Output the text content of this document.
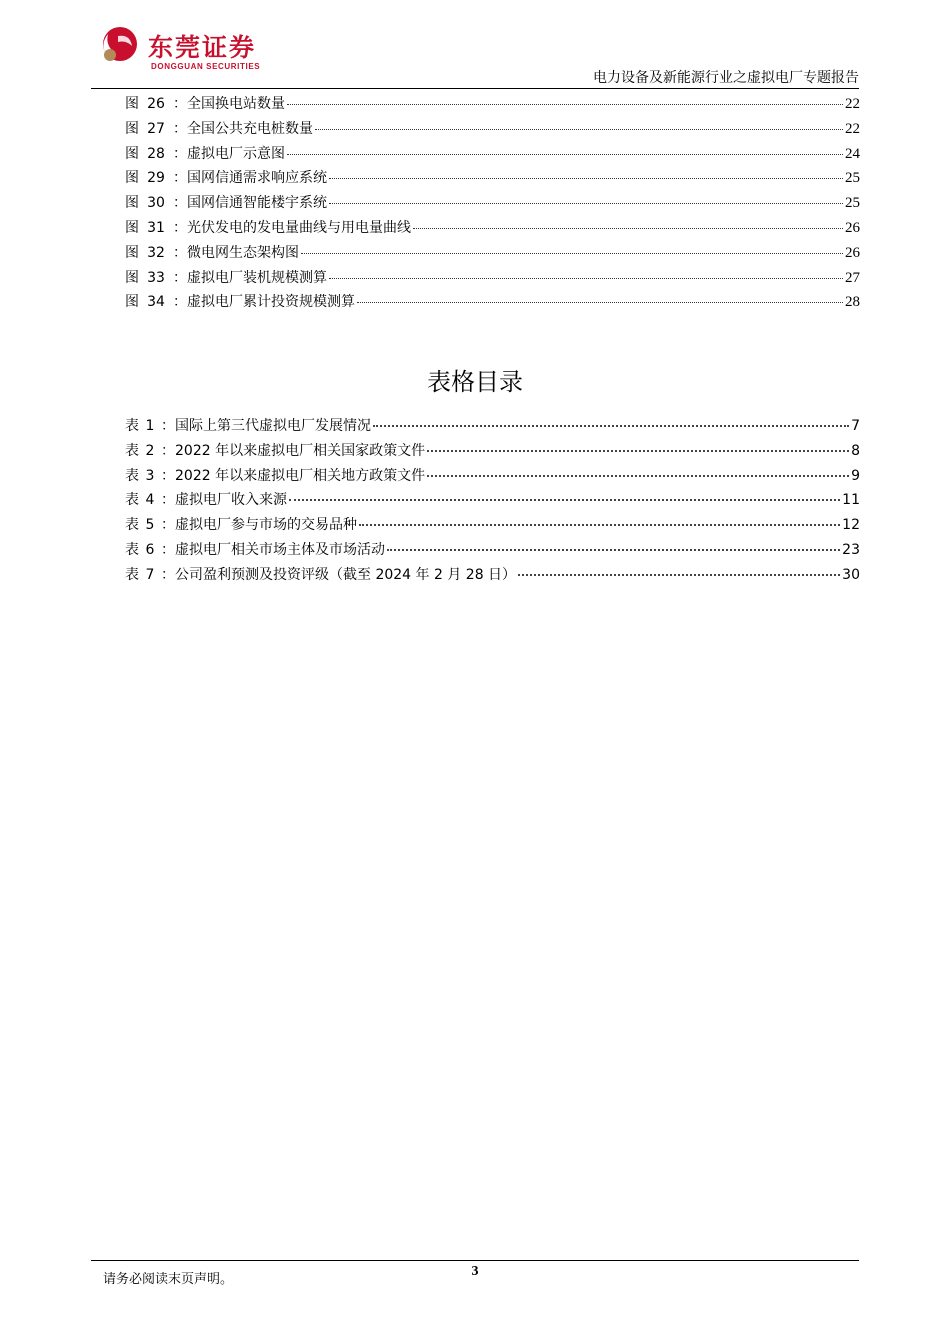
东莞证券
DONGGUAN SECURITIES
电力设备及新能源行业之虚拟电厂专题报告
图 26 ： 全国换电站数量	22
图 27 ： 全国公共充电桩数量	22
图 28 ： 虚拟电厂示意图	24
图 29 ： 国网信通需求响应系统	25
图 30 ： 国网信通智能楼宇系统	25
图 31 ： 光伏发电的发电量曲线与用电量曲线	26
图 32 ： 微电网生态架构图	26
图 33 ： 虚拟电厂装机规模测算	27
图 34 ： 虚拟电厂累计投资规模测算	28
表格目录
表 1 ： 国际上第三代虚拟电厂发展情况	7
表 2 ： 2022 年以来虚拟电厂相关国家政策文件	8
表 3 ： 2022 年以来虚拟电厂相关地方政策文件	9
表 4 ： 虚拟电厂收入来源	11
表 5 ： 虚拟电厂参与市场的交易品种	12
表 6 ： 虚拟电厂相关市场主体及市场活动	23
表 7 ： 公司盈利预测及投资评级（截至 2024 年 2 月 28 日）	30
请务必阅读末页声明。
3
